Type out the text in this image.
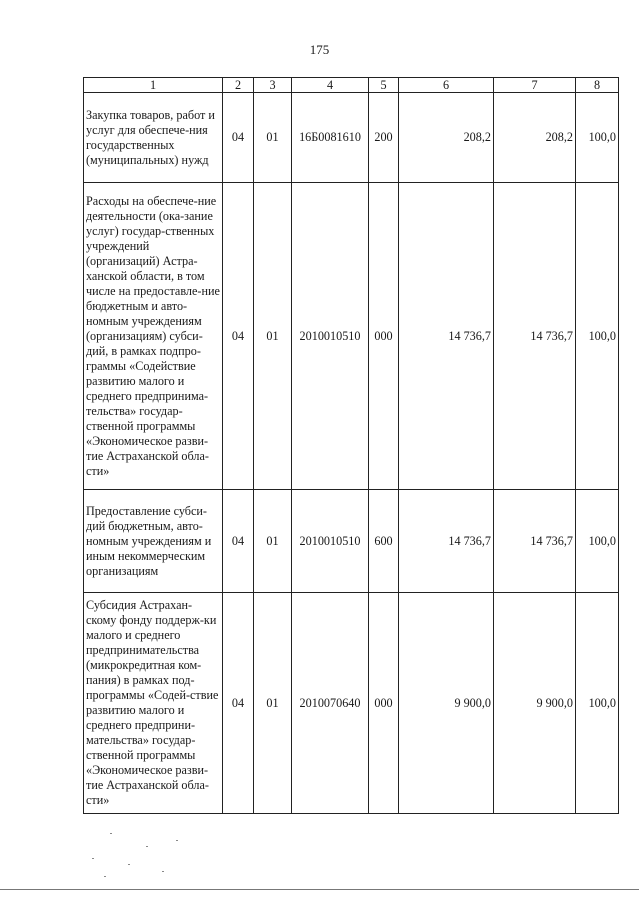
175
1	2	3	4	5	6	7	8
Закупка товаров, работ и услуг для обеспече-ния государственных (муниципальных) нужд	04	01	16Б0081610	200	208,2	208,2	100,0
Расходы на обеспече-ние деятельности (ока-зание услуг) государ-ственных учреждений (организаций) Астра-ханской области, в том числе на предоставле-ние бюджетным и авто-номным учреждениям (организациям) субси-дий, в рамках подпро-граммы «Содействие развитию малого и среднего предпринима-тельства» государ-ственной программы «Экономическое разви-тие Астраханской обла-сти»	04	01	2010010510	000	14 736,7	14 736,7	100,0
Предоставление субси-дий бюджетным, авто-номным учреждениям и иным некоммерческим организациям	04	01	2010010510	600	14 736,7	14 736,7	100,0
Субсидия Астрахан-скому фонду поддерж-ки малого и среднего предпринимательства (микрокредитная ком-пания) в рамках под-программы «Содей-ствие развитию малого и среднего предприни-мательства» государ-ственной программы «Экономическое разви-тие Астраханской обла-сти»	04	01	2010070640	000	9 900,0	9 900,0	100,0
